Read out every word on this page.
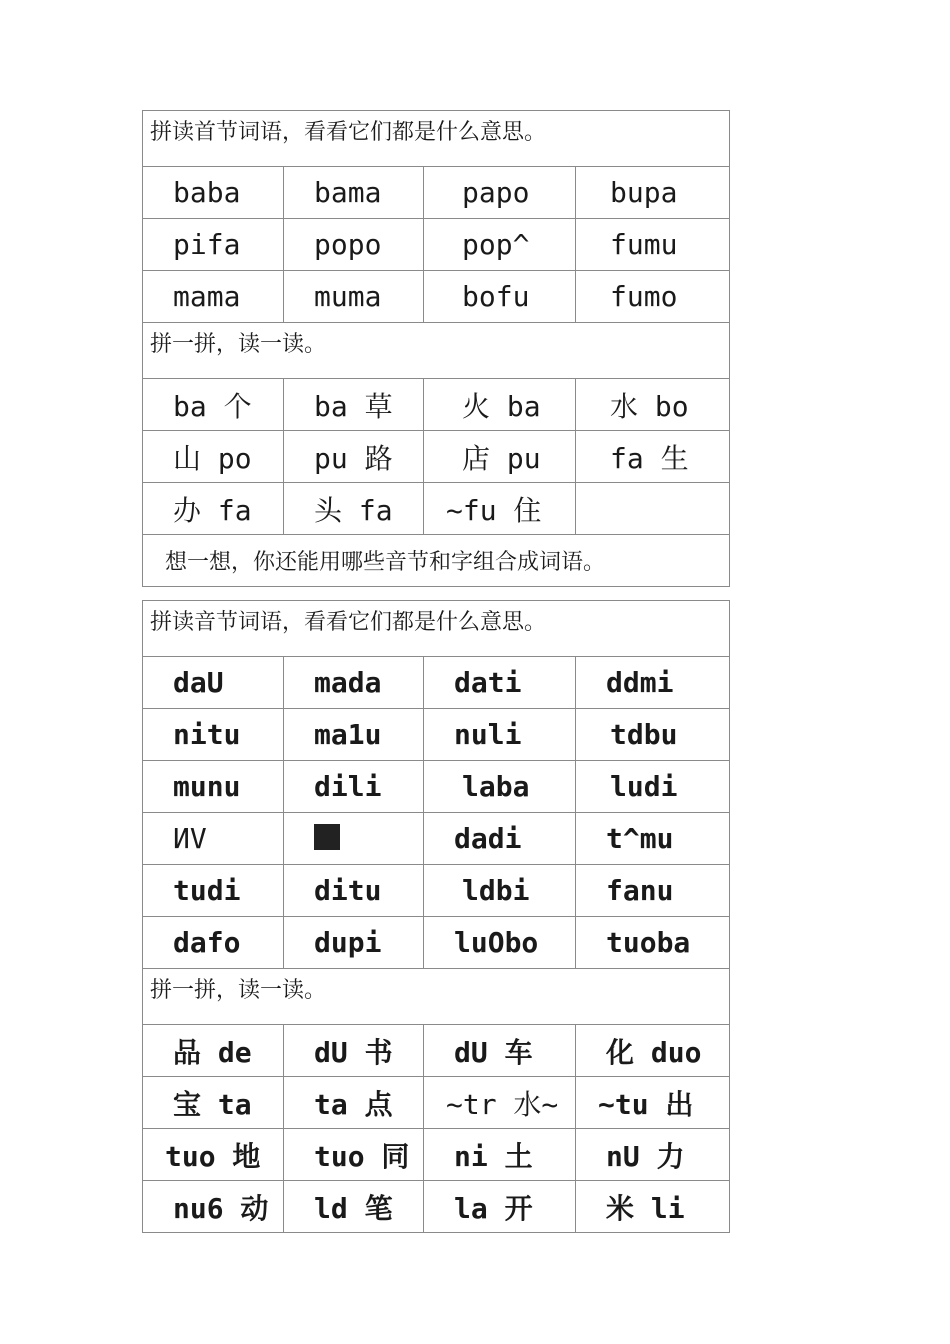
拼读首节词语，看看它们都是什么意思。			
baba	bama	papo	bupa
pifa	popo	pop^	fumu
mama	muma	bofu	fumo
拼一拼，读一读。			
ba 个	ba 草	火 ba	水 bo
山 po	pu 路	店 pu	fa 生
办 fa	头 fa	~fu 住	
想一想，你还能用哪些音节和字组合成词语。			
拼读音节词语，看看它们都是什么意思。			
daU	mada	dati	ddmi
nitu	ma1u	nuli	tdbu
munu	dili	laba	ludi
ИV		dadi	t^mu
tudi	ditu	ldbi	fanu
dafo	dupi	luObo	tuoba
拼一拼，读一读。			
品 de	dU 书	dU 车	化 duo
宝 ta	ta 点	~tr 水~	~tu 出
tuo 地	tuo 同	ni 土	nU 力
nu6 动	ld 笔	la 开	米 li
